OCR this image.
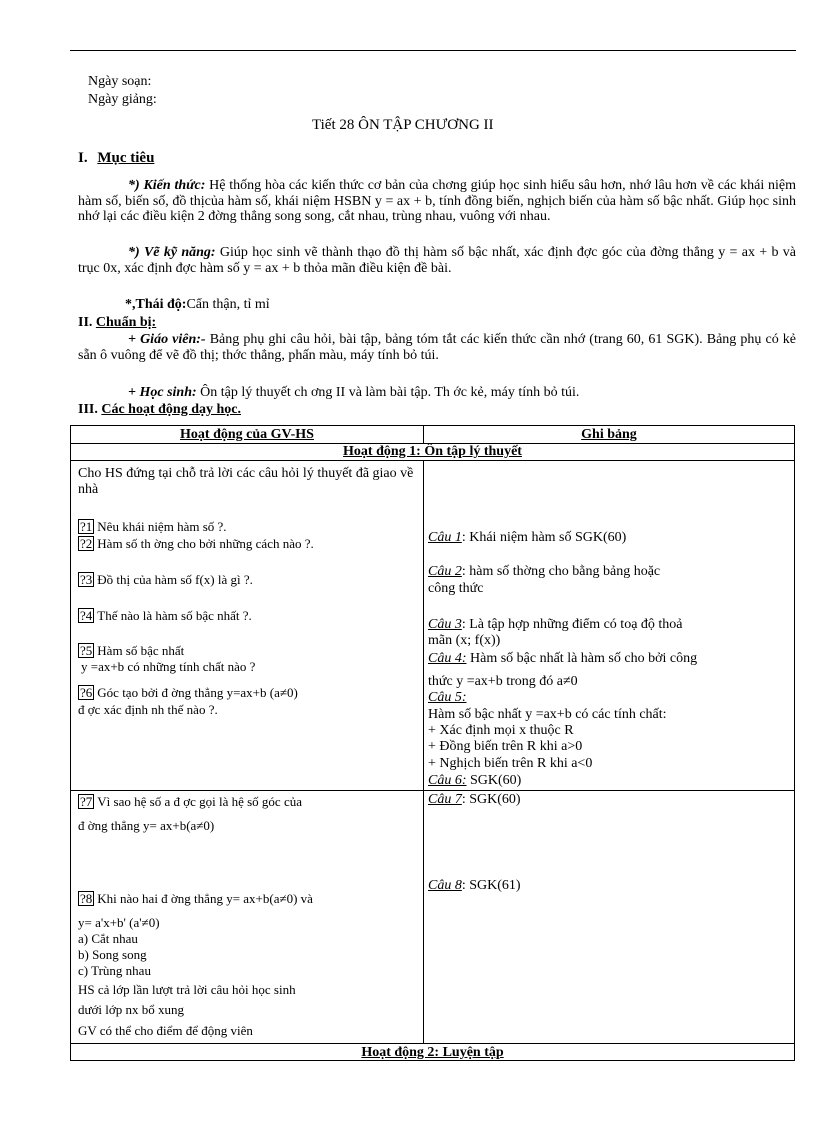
Ngày soạn:
Ngày giảng:
Tiết 28 ÔN TẬP CHƯƠNG II
I. Mục tiêu
*) Kiến thức: Hệ thống hòa các kiến thức cơ bản của chơng giúp học sinh hiểu sâu hơn, nhớ lâu hơn về các khái niệm hàm số, biến số, đồ thịcủa hàm số, khái niệm HSBN y = ax + b, tính đồng biến, nghịch biến của hàm số bậc nhất. Giúp học sinh nhớ lại các điều kiện 2 đờng thẳng song song, cắt nhau, trùng nhau, vuông với nhau.
*) Vẽ kỹ năng: Giúp học sinh vẽ thành thạo đồ thị hàm số bậc nhất, xác định đợc góc của đờng thẳng y = ax + b và trục 0x, xác định đợc hàm số y = ax + b thỏa mãn điều kiện đề bài.
*,Thái độ:Cẩn thận, tỉ mỉ
II. Chuẩn bị:
+ Giáo viên:- Bảng phụ ghi câu hỏi, bài tập, bảng tóm tắt các kiến thức cần nhớ (trang 60, 61 SGK). Bảng phụ có kẻ sẵn ô vuông để vẽ đồ thị; thớc thẳng, phấn màu, máy tính bỏ túi.
+ Học sinh: Ôn tập lý thuyết ch ơng II và làm bài tập. Th ớc kẻ, máy tính bỏ túi.
III. Các hoạt động dạy học.
Hoạt động của GV-HS	Ghi bảng
Hoạt động 1: Ôn tập lý thuyết
Cho HS đứng tại chỗ trả lời các câu hỏi lý thuyết đã giao về nhà
?1 Nêu khái niệm hàm số ?.
?2 Hàm số th ờng cho bởi những cách nào ?.
?3 Đồ thị của hàm số f(x) là gì ?.
?4 Thế nào là hàm số bậc nhất ?.
?5 Hàm số bậc nhất
y =ax+b có những tính chất nào ?
?6 Góc tạo bởi đ ờng thẳng y=ax+b (a≠0)
đ ợc xác định nh thế nào ?.
?7 Vì sao hệ số a đ ợc gọi là hệ số góc của
đ ờng thẳng y= ax+b(a≠0)
?8 Khi nào hai đ ờng thẳng y= ax+b(a≠0) và
y= a'x+b' (a'≠0)
a) Cắt nhau
b) Song song
c) Trùng nhau
HS cả lớp lần lượt trả lời câu hỏi học sinh
dưới lớp nx bổ xung
GV có thể cho điểm để động viên
Câu 1: Khái niệm hàm số SGK(60)
Câu 2: hàm số thờng cho bằng bảng hoặc
công thức
Câu 3: Là tập hợp những điểm có toạ độ thoả
mãn (x; f(x))
Câu 4: Hàm số bậc nhất là hàm số cho bởi công
thức y =ax+b trong đó a≠0
Câu 5:
Hàm số bậc nhất y =ax+b có các tính chất:
+ Xác định mọi x thuộc R
+ Đồng biến trên R khi a>0
+ Nghịch biến trên R khi a<0
Câu 6: SGK(60)
Câu 7: SGK(60)
Câu 8: SGK(61)
Hoạt động 2: Luyện tập
